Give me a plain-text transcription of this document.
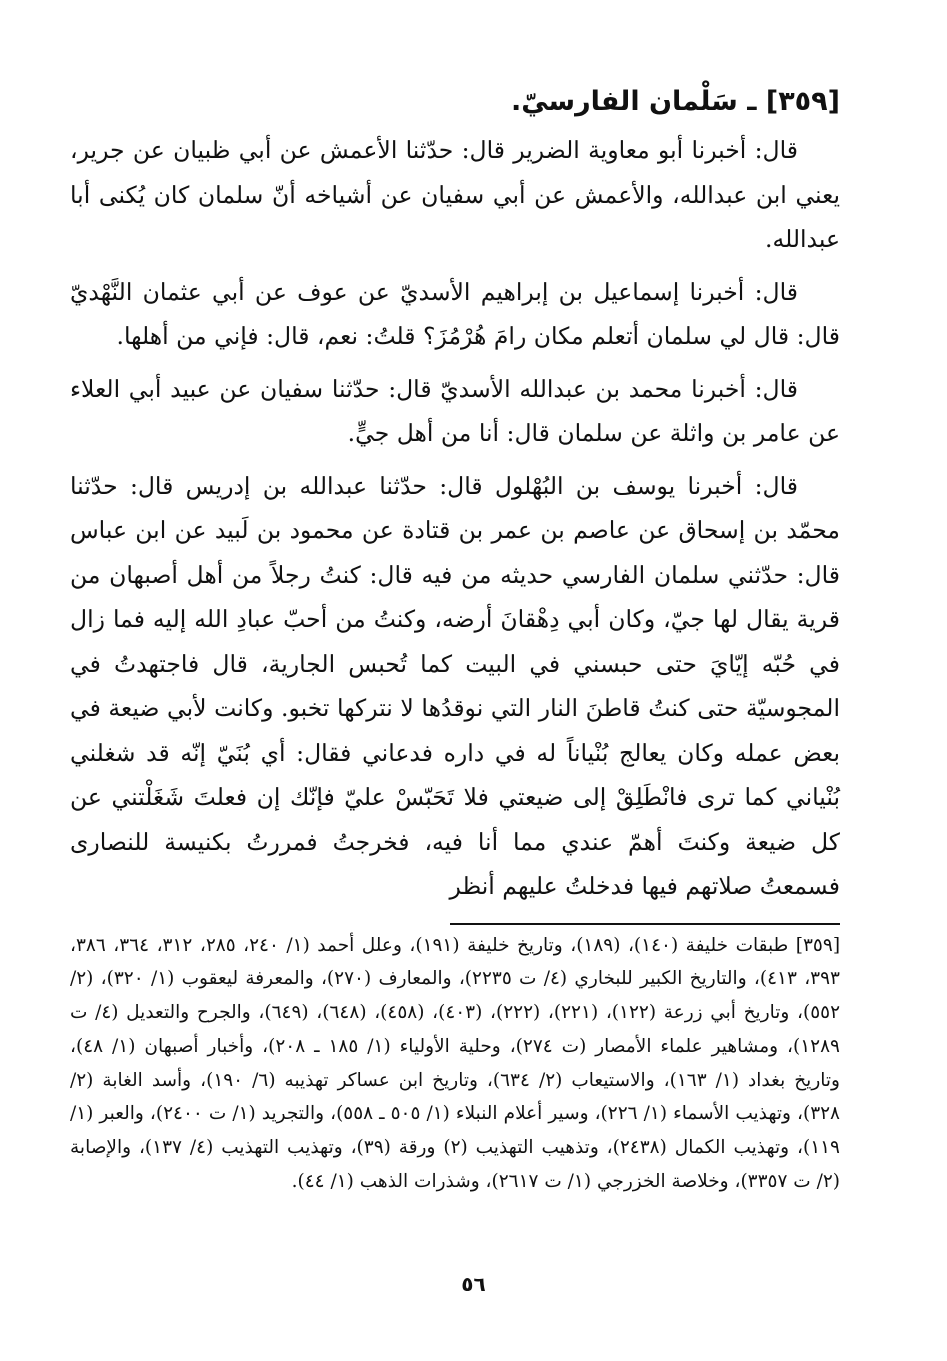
[٣٥٩] ـ سَلْمان الفارسيّ.

قال: أخبرنا أبو معاوية الضرير قال: حدّثنا الأعمش عن أبي ظبيان عن جرير، يعني ابن عبدالله، والأعمش عن أبي سفيان عن أشياخه أنّ سلمان كان يُكنى أبا عبدالله.

قال: أخبرنا إسماعيل بن إبراهيم الأسديّ عن عوف عن أبي عثمان النَّهْديّ قال: قال لي سلمان أتعلم مكان رامَ هُرْمُزَ؟ قلتُ: نعم، قال: فإني من أهلها.

قال: أخبرنا محمد بن عبدالله الأسديّ قال: حدّثنا سفيان عن عبيد أبي العلاء عن عامر بن واثلة عن سلمان قال: أنا من أهل جيٍّ.

قال: أخبرنا يوسف بن البُهْلول قال: حدّثنا عبدالله بن إدريس قال: حدّثنا محمّد بن إسحاق عن عاصم بن عمر بن قتادة عن محمود بن لَبيد عن ابن عباس قال: حدّثني سلمان الفارسي حديثه من فيه قال: كنتُ رجلاً من أهل أصبهان من قرية يقال لها جيّ، وكان أبي دِهْقانَ أرضه، وكنتُ من أحبّ عبادِ الله إليه فما زال في حُبّه إيّايَ حتى حبسني في البيت كما تُحبس الجارية، قال فاجتهدتُ في المجوسيّة حتى كنتُ قاطنَ النار التي نوقدُها لا نتركها تخبو. وكانت لأبي ضيعة في بعض عمله وكان يعالج بُنْياناً له في داره فدعاني فقال: أي بُنَيّ إنّه قد شغلني بُنْياني كما ترى فانْطَلِقْ إلى ضيعتي فلا تَحَبّسْ عليّ فإنّك إن فعلتَ شَغَلْتني عن كل ضيعة وكنتَ أهمّ عندي مما أنا فيه، فخرجتُ فمررتُ بكنيسة للنصارى فسمعتُ صلاتهم فيها فدخلتُ عليهم أنظر

[٣٥٩] طبقات خليفة (١٤٠)، (١٨٩)، وتاريخ خليفة (١٩١)، وعلل أحمد (١/ ٢٤٠، ٢٨٥، ٣١٢، ٣٦٤، ٣٨٦، ٣٩٣، ٤١٣)، والتاريخ الكبير للبخاري (٤/ ت ٢٢٣٥)، والمعارف (٢٧٠)، والمعرفة ليعقوب (١/ ٣٢٠)، (٢/ ٥٥٢)، وتاريخ أبي زرعة (١٢٢)، (٢٢١)، (٢٢٢)، (٤٠٣)، (٤٥٨)، (٦٤٨)، (٦٤٩)، والجرح والتعديل (٤/ ت ١٢٨٩)، ومشاهير علماء الأمصار (ت ٢٧٤)، وحلية الأولياء (١/ ١٨٥ ـ ٢٠٨)، وأخبار أصبهان (١/ ٤٨)، وتاريخ بغداد (١/ ١٦٣)، والاستيعاب (٢/ ٦٣٤)، وتاريخ ابن عساكر تهذيبه (٦/ ١٩٠)، وأسد الغابة (٢/ ٣٢٨)، وتهذيب الأسماء (١/ ٢٢٦)، وسير أعلام النبلاء (١/ ٥٠٥ ـ ٥٥٨)، والتجريد (١/ ت ٢٤٠٠)، والعبر (١/ ١١٩)، وتهذيب الكمال (٢٤٣٨)، وتذهيب التهذيب (٢) ورقة (٣٩)، وتهذيب التهذيب (٤/ ١٣٧)، والإصابة (٢/ ت ٣٣٥٧)، وخلاصة الخزرجي (١/ ت ٢٦١٧)، وشذرات الذهب (١/ ٤٤).

٥٦
